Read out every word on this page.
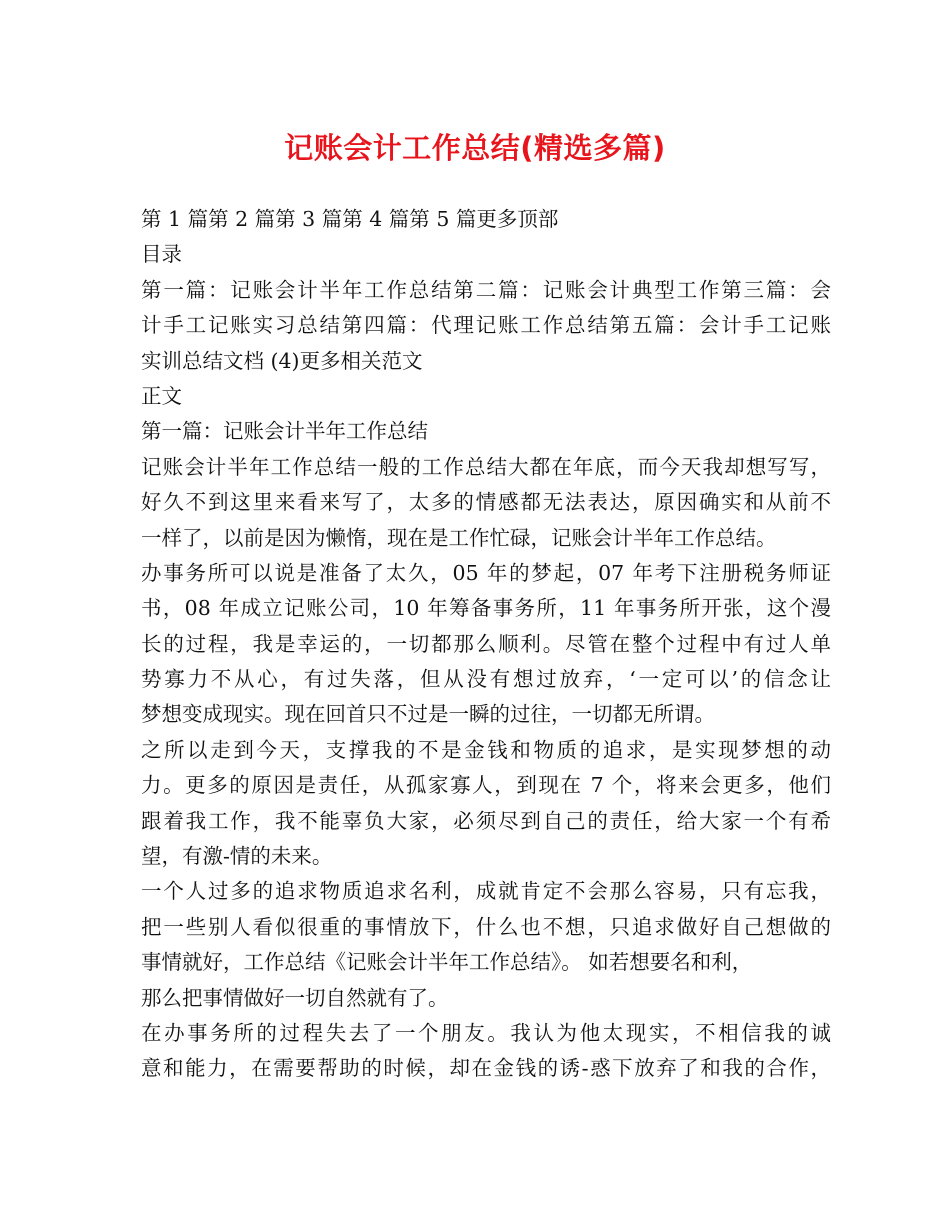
记账会计工作总结(精选多篇)
第 1 篇第 2 篇第 3 篇第 4 篇第 5 篇更多顶部
目录
第一篇：记账会计半年工作总结第二篇：记账会计典型工作第三篇：会
计手工记账实习总结第四篇：代理记账工作总结第五篇：会计手工记账
实训总结文档 (4)更多相关范文
正文
第一篇：记账会计半年工作总结
记账会计半年工作总结一般的工作总结大都在年底，而今天我却想写写，
好久不到这里来看来写了，太多的情感都无法表达，原因确实和从前不
一样了，以前是因为懒惰，现在是工作忙碌，记账会计半年工作总结。
办事务所可以说是准备了太久，05 年的梦起，07 年考下注册税务师证
书，08 年成立记账公司，10 年筹备事务所，11 年事务所开张，这个漫
长的过程，我是幸运的，一切都那么顺利。尽管在整个过程中有过人单
势寡力不从心，有过失落，但从没有想过放弃，‘一定可以’的信念让
梦想变成现实。现在回首只不过是一瞬的过往，一切都无所谓。
之所以走到今天，支撑我的不是金钱和物质的追求，是实现梦想的动
力。更多的原因是责任，从孤家寡人，到现在 7 个，将来会更多，他们
跟着我工作，我不能辜负大家，必须尽到自己的责任，给大家一个有希
望，有激-情的未来。
一个人过多的追求物质追求名利，成就肯定不会那么容易，只有忘我，
把一些别人看似很重的事情放下，什么也不想，只追求做好自己想做的
事情就好，工作总结《记账会计半年工作总结》。 如若想要名和利，
那么把事情做好一切自然就有了。
在办事务所的过程失去了一个朋友。我认为他太现实，不相信我的诚
意和能力，在需要帮助的时候，却在金钱的诱-惑下放弃了和我的合作，
